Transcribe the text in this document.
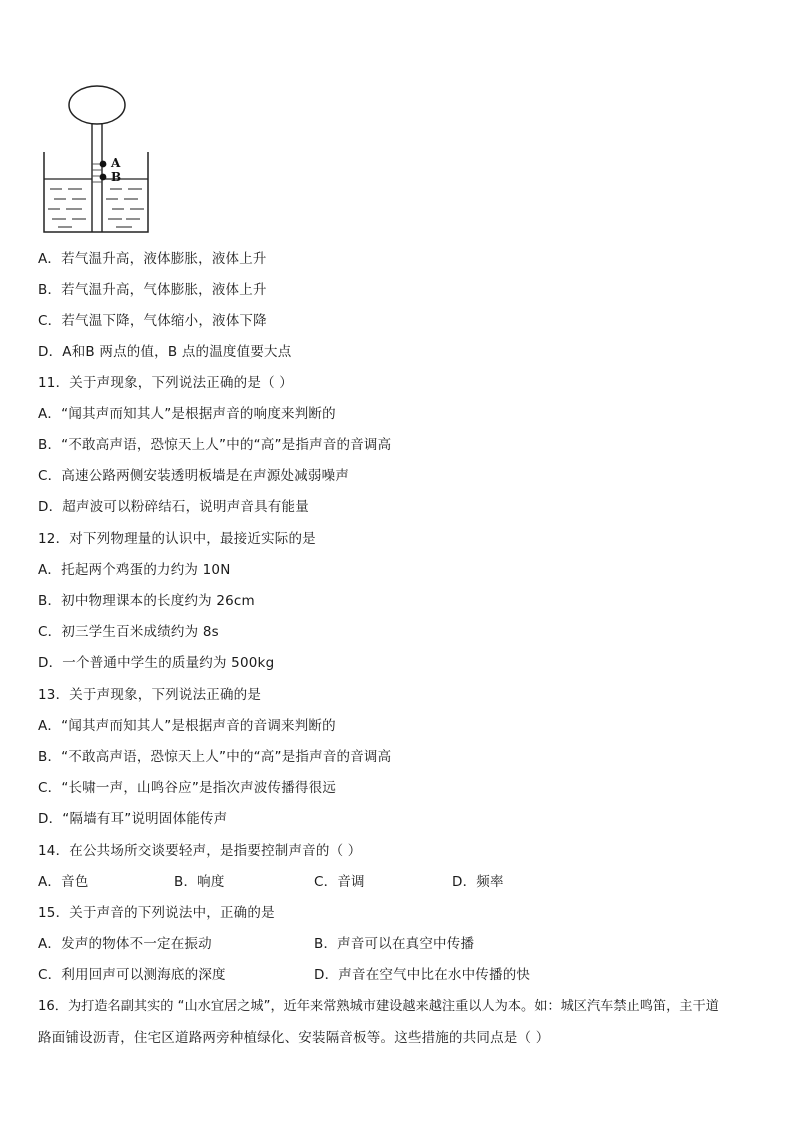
A
B
A．若气温升高，液体膨胀，液体上升
B．若气温升高，气体膨胀，液体上升
C．若气温下降，气体缩小，液体下降
D．A和B 两点的值，B 点的温度值要大点
11．关于声现象，下列说法正确的是（ ）
A．“闻其声而知其人”是根据声音的响度来判断的
B．“不敢高声语，恐惊天上人”中的“高”是指声音的音调高
C．高速公路两侧安装透明板墙是在声源处减弱噪声
D．超声波可以粉碎结石，说明声音具有能量
12．对下列物理量的认识中，最接近实际的是
A．托起两个鸡蛋的力约为 10N
B．初中物理课本的长度约为 26cm
C．初三学生百米成绩约为 8s
D．一个普通中学生的质量约为 500kg
13．关于声现象，下列说法正确的是
A．“闻其声而知其人”是根据声音的音调来判断的
B．“不敢高声语，恐惊天上人”中的“高”是指声音的音调高
C．“长啸一声，山鸣谷应”是指次声波传播得很远
D．“隔墙有耳”说明固体能传声
14．在公共场所交谈要轻声，是指要控制声音的（ ）
A．音色	B．响度	C．音调	D．频率
15．关于声音的下列说法中，正确的是
A．发声的物体不一定在振动	B．声音可以在真空中传播
C．利用回声可以测海底的深度	D．声音在空气中比在水中传播的快
16．为打造名副其实的 “山水宜居之城”，近年来常熟城市建设越来越注重以人为本。如：城区汽车禁止鸣笛，主干道
路面铺设沥青，住宅区道路两旁种植绿化、安装隔音板等。这些措施的共同点是（ ）
